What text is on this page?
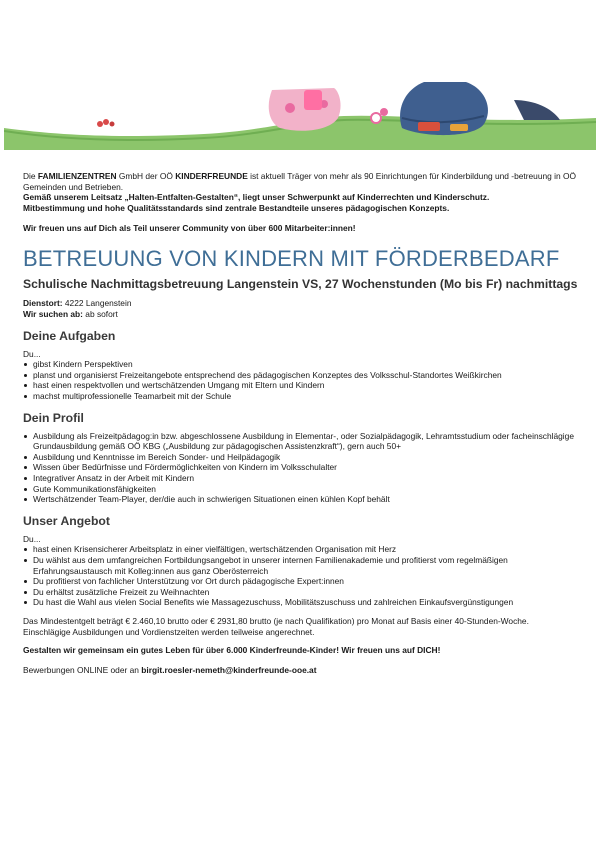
Die FAMILIENZENTREN GmbH der OÖ KINDERFREUNDE ist aktuell Träger von mehr als 90 Einrichtungen für Kinderbildung und -betreuung in OÖ Gemeinden und Betrieben.

Gemäß unserem Leitsatz „Halten-Entfalten-Gestalten“, liegt unser Schwerpunkt auf Kinderrechten und Kinderschutz.

Mitbestimmung und hohe Qualitätsstandards sind zentrale Bestandteile unseres pädagogischen Konzepts.

Wir freuen uns auf Dich als Teil unserer Community von über 600 Mitarbeiter:innen!

BETREUUNG VON KINDERN MIT FÖRDERBEDARF
Schulische Nachmittagsbetreuung Langenstein VS, 27 Wochenstunden (Mo bis Fr) nachmittags
Dienstort: 4222 Langenstein
Wir suchen ab: ab sofort
Deine Aufgaben

Du...

gibst Kindern Perspektiven
planst und organisierst Freizeitangebote entsprechend des pädagogischen Konzeptes des Volksschul-Standortes Weißkirchen
hast einen respektvollen und wertschätzenden Umgang mit Eltern und Kindern
machst multiprofessionelle Teamarbeit mit der Schule
Dein Profil
Ausbildung als Freizeitpädagog:in bzw. abgeschlossene Ausbildung in Elementar-, oder Sozialpädagogik, Lehramtsstudium oder facheinschlägige Grundausbildung gemäß OÖ KBG („Ausbildung zur pädagogischen Assistenzkraft“), gern auch 50+
Ausbildung und Kenntnisse im Bereich Sonder- und Heilpädagogik
Wissen über Bedürfnisse und Fördermöglichkeiten von Kindern im Volksschulalter
Integrativer Ansatz in der Arbeit mit Kindern
Gute Kommunikationsfähigkeiten
Wertschätzender Team-Player, der/die auch in schwierigen Situationen einen kühlen Kopf behält
Unser Angebot

Du...

hast einen Krisensicherer Arbeitsplatz in einer vielfältigen, wertschätzenden Organisation mit Herz
Du wählst aus dem umfangreichen Fortbildungsangebot in unserer internen Familienakademie und profitierst vom regelmäßigen Erfahrungsaustausch mit Kolleg:innen aus ganz Oberösterreich
Du profitierst von fachlicher Unterstützung vor Ort durch pädagogische Expert:innen
Du erhältst zusätzliche Freizeit zu Weihnachten
Du hast die Wahl aus vielen Social Benefits wie Massagezuschuss, Mobilitätszuschuss und zahlreichen Einkaufsvergünstigungen
Das Mindestentgelt beträgt € 2.460,10 brutto oder € 2931,80 brutto (je nach Qualifikation) pro Monat auf Basis einer 40-Stunden-Woche.
Einschlägige Ausbildungen und Vordienstzeiten werden teilweise angerechnet.
Gestalten wir gemeinsam ein gutes Leben für über 6.000 Kinderfreunde-Kinder! Wir freuen uns auf DICH!
Bewerbungen ONLINE oder an birgit.roesler-nemeth@kinderfreunde-ooe.at
